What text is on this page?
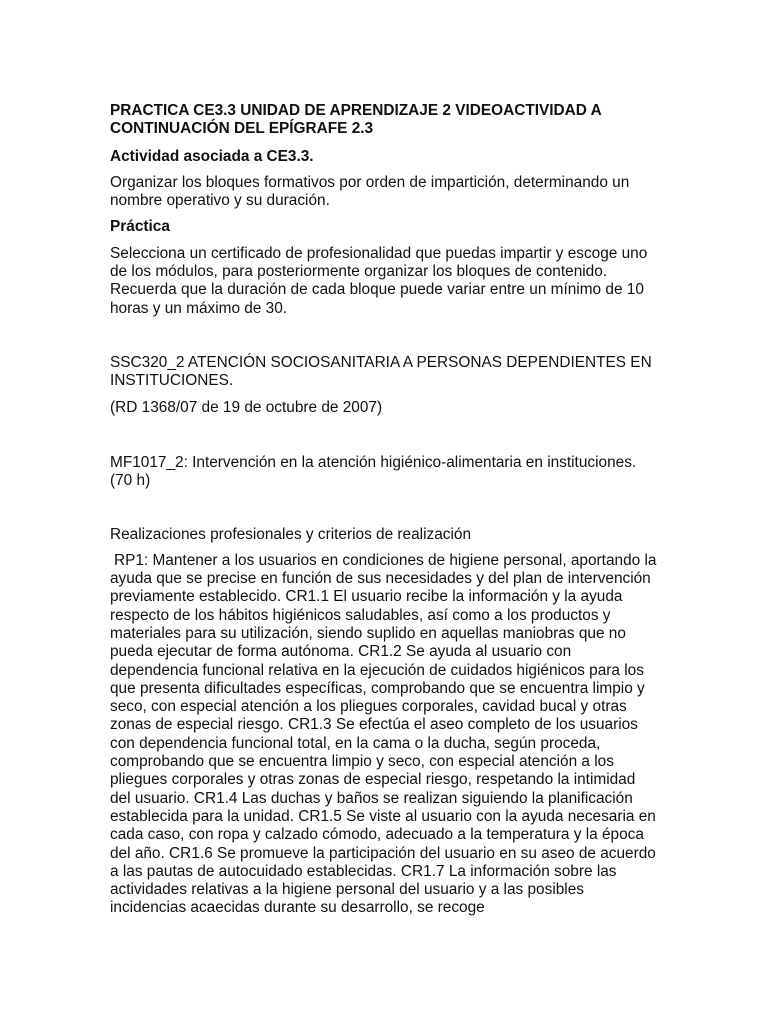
PRACTICA CE3.3 UNIDAD DE APRENDIZAJE 2 VIDEOACTIVIDAD A CONTINUACIÓN DEL EPÍGRAFE 2.3

Actividad asociada a CE3.3.

Organizar los bloques formativos por orden de impartición, determinando un nombre operativo y su duración.

Práctica

Selecciona un certificado de profesionalidad que puedas impartir y escoge uno de los módulos, para posteriormente organizar los bloques de contenido. Recuerda que la duración de cada bloque puede variar entre un mínimo de 10 horas y un máximo de 30.

SSC320_2 ATENCIÓN SOCIOSANITARIA A PERSONAS DEPENDIENTES EN INSTITUCIONES.

(RD 1368/07 de 19 de octubre de 2007)

MF1017_2: Intervención en la atención higiénico-alimentaria en instituciones.(70 h)

Realizaciones profesionales y criterios de realización

RP1: Mantener a los usuarios en condiciones de higiene personal, aportando la ayuda que se precise en función de sus necesidades y del plan de intervención previamente establecido. CR1.1 El usuario recibe la información y la ayuda respecto de los hábitos higiénicos saludables, así como a los productos y materiales para su utilización, siendo suplido en aquellas maniobras que no pueda ejecutar de forma autónoma. CR1.2 Se ayuda al usuario con dependencia funcional relativa en la ejecución de cuidados higiénicos para los que presenta dificultades específicas, comprobando que se encuentra limpio y seco, con especial atención a los pliegues corporales, cavidad bucal y otras zonas de especial riesgo. CR1.3 Se efectúa el aseo completo de los usuarios con dependencia funcional total, en la cama o la ducha, según proceda, comprobando que se encuentra limpio y seco, con especial atención a los pliegues corporales y otras zonas de especial riesgo, respetando la intimidad del usuario. CR1.4 Las duchas y baños se realizan siguiendo la planificación establecida para la unidad. CR1.5 Se viste al usuario con la ayuda necesaria en cada caso, con ropa y calzado cómodo, adecuado a la temperatura y la época del año. CR1.6 Se promueve la participación del usuario en su aseo de acuerdo a las pautas de autocuidado establecidas. CR1.7 La información sobre las actividades relativas a la higiene personal del usuario y a las posibles incidencias acaecidas durante su desarrollo, se recoge
